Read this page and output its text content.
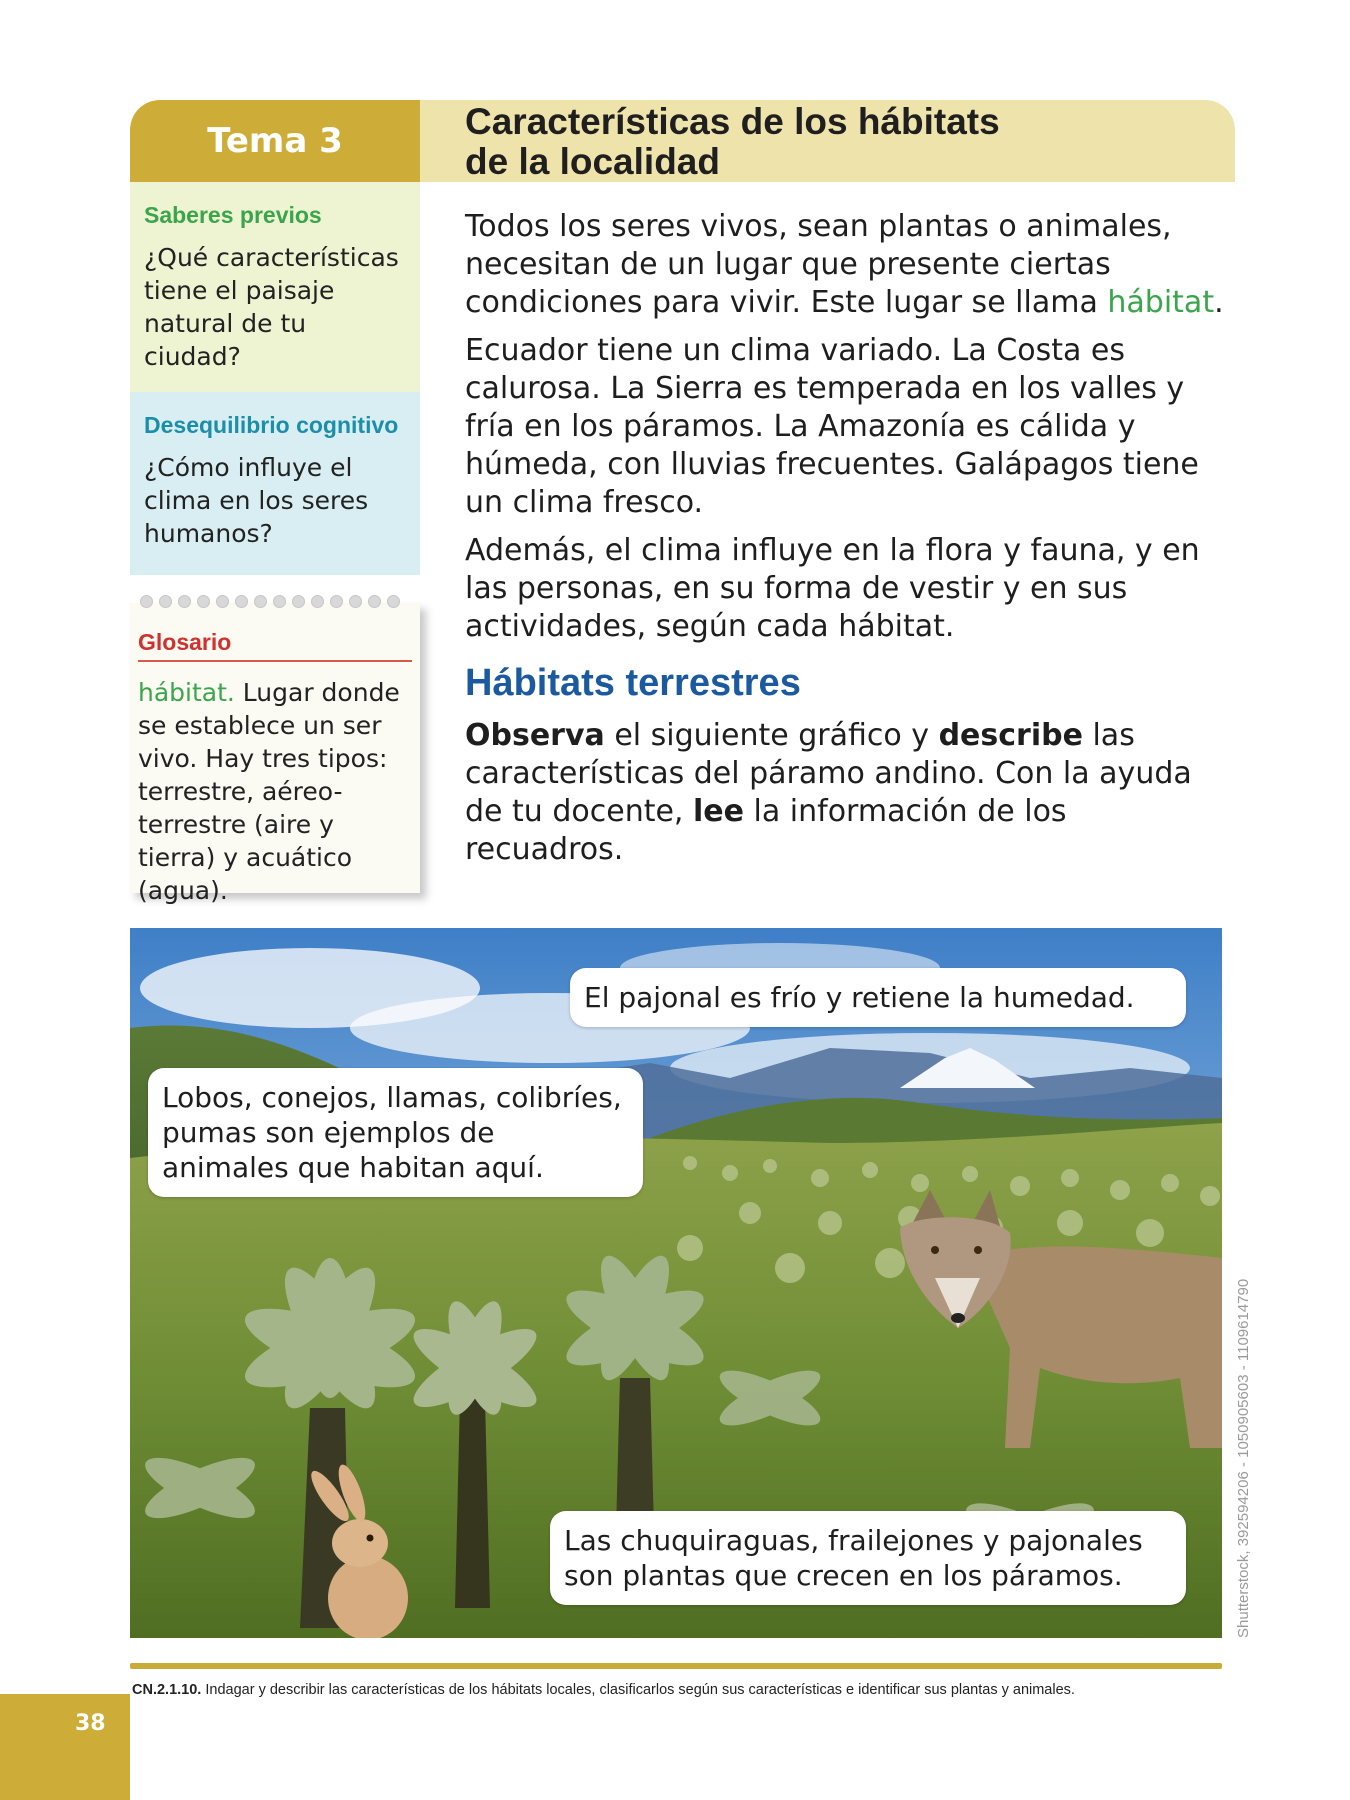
Tema 3	Características de los hábitats
de la localidad
Saberes previos
¿Qué características tiene el paisaje natural de tu ciudad?
Desequilibrio cognitivo
¿Cómo influye el clima en los seres humanos?
Glosario
hábitat. Lugar donde se establece un ser vivo. Hay tres tipos: terrestre, aéreo-terrestre (aire y tierra) y acuático (agua).

Todos los seres vivos, sean plantas o animales, necesitan de un lugar que presente ciertas condiciones para vivir. Este lugar se llama hábitat.

Ecuador tiene un clima variado. La Costa es calurosa. La Sierra es temperada en los valles y fría en los páramos. La Amazonía es cálida y húmeda, con lluvias frecuentes. Galápagos tiene un clima fresco.

Además, el clima influye en la flora y fauna, y en las personas, en su forma de vestir y en sus actividades, según cada hábitat.

Hábitats terrestres

Observa el siguiente gráfico y describe las características del páramo andino. Con la ayuda de tu docente, lee la información de los recuadros.

El pajonal es frío y retiene la humedad.
Lobos, conejos, llamas, colibríes, pumas son ejemplos de animales que habitan aquí.
Las chuquiraguas, frailejones y pajonales son plantas que crecen en los páramos.	Shutterstock, 392594206 - 1050905603 - 1109614790
CN.2.1.10. Indagar y describir las características de los hábitats locales, clasificarlos según sus características e identificar sus plantas y animales.
38
